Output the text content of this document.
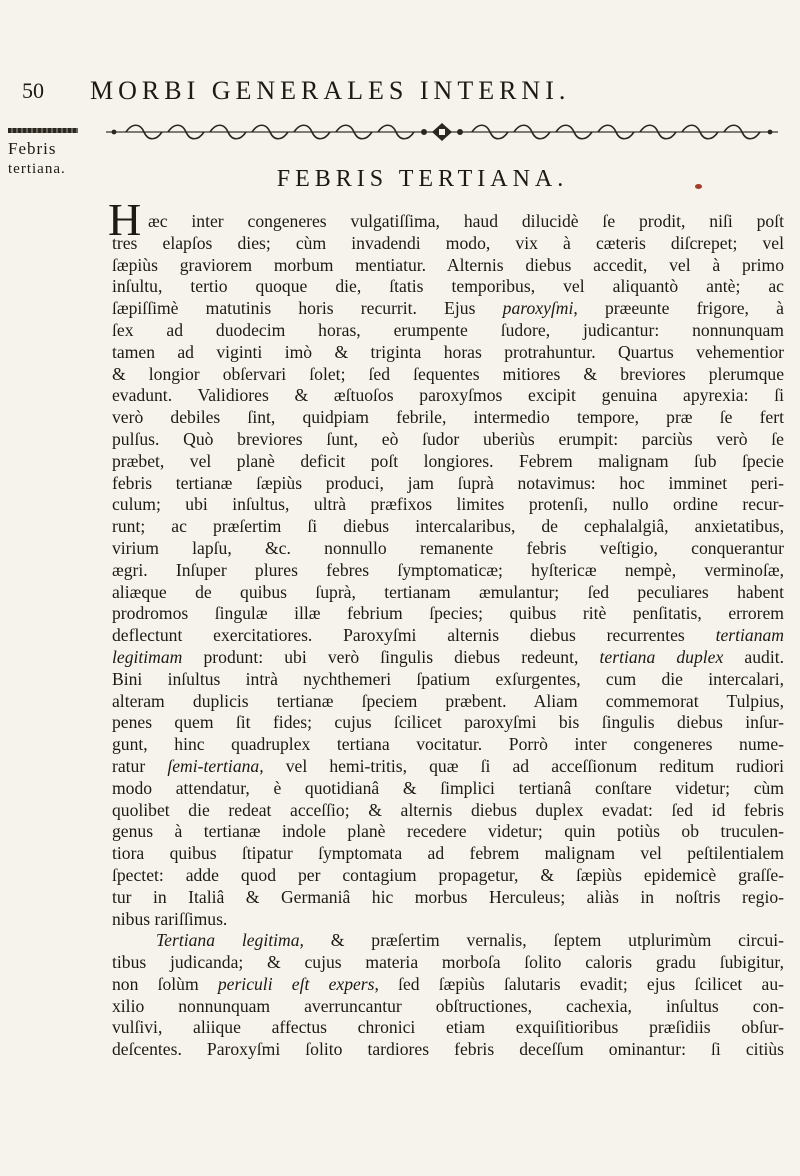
50 MORBI GENERALES INTERNI.
Febris
tertiana.	FEBRIS TERTIANA.
H æc inter congeneres vulgatiſſima, haud dilucidè ſe prodit, niſi poſt
tres elapſos dies; cùm invadendi modo, vix à cæteris diſcrepet; vel
ſæpiùs graviorem morbum mentiatur. Alternis diebus accedit, vel à primo
inſultu, tertio quoque die, ſtatis temporibus, vel aliquantò antè; ac
ſæpiſſimè matutinis horis recurrit. Ejus paroxyſmi, præeunte frigore, à
ſex ad duodecim horas, erumpente ſudore, judicantur: nonnunquam
tamen ad viginti imò & triginta horas protrahuntur. Quartus vehementior
& longior obſervari ſolet; ſed ſequentes mitiores & breviores plerumque
evadunt. Validiores & æſtuoſos paroxyſmos excipit genuina apyrexia: ſi
verò debiles ſint, quidpiam febrile, intermedio tempore, præ ſe fert
pulſus. Quò breviores ſunt, eò ſudor uberiùs erumpit: parciùs verò ſe
præbet, vel planè deficit poſt longiores. Febrem malignam ſub ſpecie
febris tertianæ ſæpiùs produci, jam ſuprà notavimus: hoc imminet peri-
culum; ubi inſultus, ultrà præfixos limites protenſi, nullo ordine recur-
runt; ac præſertim ſi diebus intercalaribus, de cephalalgiâ, anxietatibus,
virium lapſu, &c. nonnullo remanente febris veſtigio, conquerantur
ægri. Inſuper plures febres ſymptomaticæ; hyſtericæ nempè, verminoſæ,
aliæque de quibus ſuprà, tertianam æmulantur; ſed peculiares habent
prodromos ſingulæ illæ febrium ſpecies; quibus ritè penſitatis, errorem
deflectunt exercitatiores. Paroxyſmi alternis diebus recurrentes tertianam
legitimam produnt: ubi verò ſingulis diebus redeunt, tertiana duplex audit.
Bini inſultus intrà nychthemeri ſpatium exſurgentes, cum die intercalari,
alteram duplicis tertianæ ſpeciem præbent. Aliam commemorat Tulpius,
penes quem ſit fides; cujus ſcilicet paroxyſmi bis ſingulis diebus inſur-
gunt, hinc quadruplex tertiana vocitatur. Porrò inter congeneres nume-
ratur ſemi-tertiana, vel hemi-tritis, quæ ſi ad acceſſionum reditum rudiori
modo attendatur, è quotidianâ & ſimplici tertianâ conſtare videtur; cùm
quolibet die redeat acceſſio; & alternis diebus duplex evadat: ſed id febris
genus à tertianæ indole planè recedere videtur; quin potiùs ob truculen-
tiora quibus ſtipatur ſymptomata ad febrem malignam vel peſtilentialem
ſpectet: adde quod per contagium propagetur, & ſæpiùs epidemicè graſſe-
tur in Italiâ & Germaniâ hic morbus Herculeus; aliàs in noſtris regio-
nibus rariſſimus.
Tertiana legitima, & præſertim vernalis, ſeptem utplurimùm circui-
tibus judicanda; & cujus materia morboſa ſolito caloris gradu ſubigitur,
non ſolùm periculi eſt expers, ſed ſæpiùs ſalutaris evadit; ejus ſcilicet au-
xilio nonnunquam averruncantur obſtructiones, cachexia, inſultus con-
vulſivi, aliique affectus chronici etiam exquiſitioribus præſidiis obſur-
deſcentes. Paroxyſmi ſolito tardiores febris deceſſum ominantur: ſi citiùs
